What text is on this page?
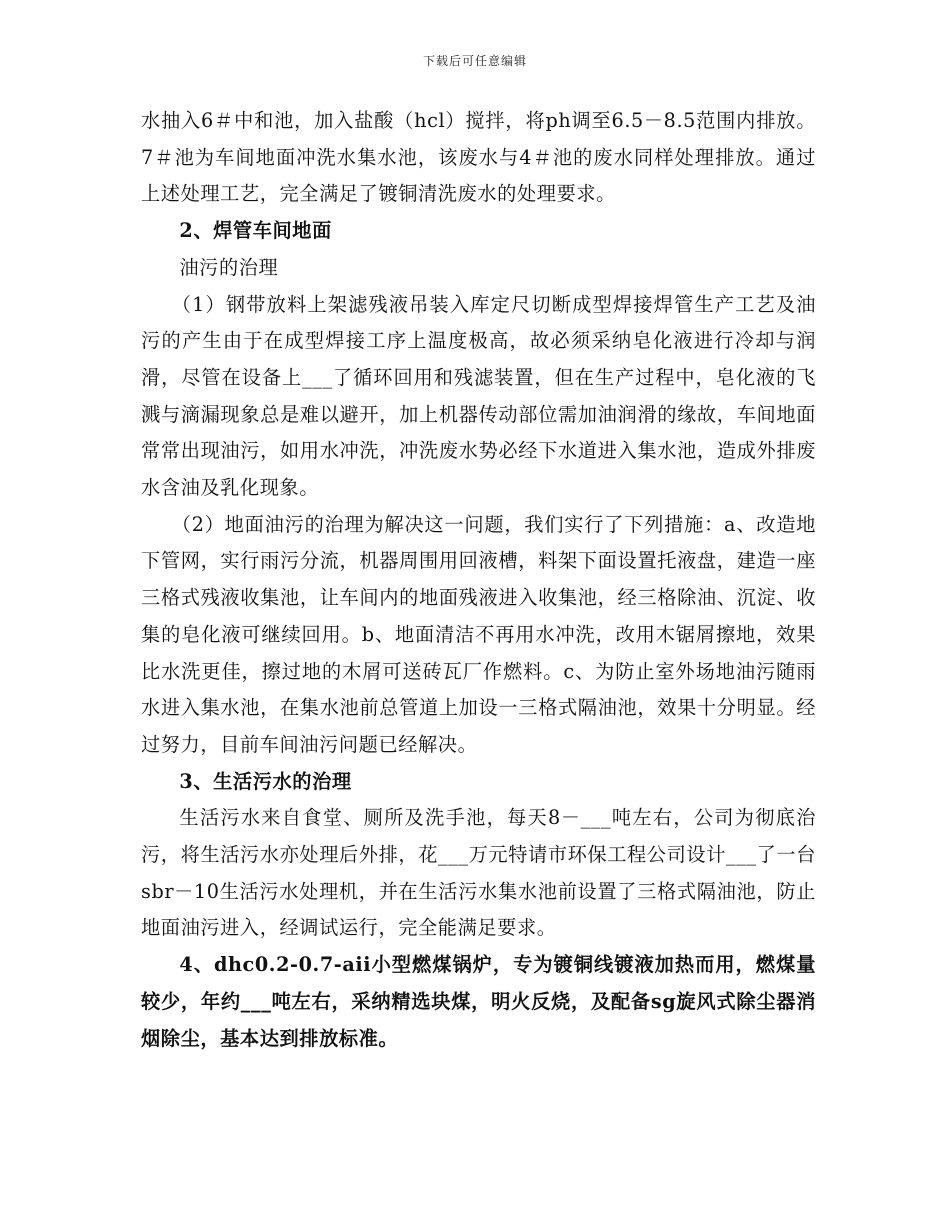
下载后可任意编辑

水抽入6＃中和池，加入盐酸（hcl）搅拌，将ph调至6.5－8.5范围内排放。7＃池为车间地面冲洗水集水池，该废水与4＃池的废水同样处理排放。通过上述处理工艺，完全满足了镀铜清洗废水的处理要求。

2、焊管车间地面

油污的治理

（1）钢带放料上架滤残液吊装入库定尺切断成型焊接焊管生产工艺及油污的产生由于在成型焊接工序上温度极高，故必须采纳皂化液进行冷却与润滑，尽管在设备上___了循环回用和残滤装置，但在生产过程中，皂化液的飞溅与滴漏现象总是难以避开，加上机器传动部位需加油润滑的缘故，车间地面常常出现油污，如用水冲洗，冲洗废水势必经下水道进入集水池，造成外排废水含油及乳化现象。

（2）地面油污的治理为解决这一问题，我们实行了下列措施：a、改造地下管网，实行雨污分流，机器周围用回液槽，料架下面设置托液盘，建造一座三格式残液收集池，让车间内的地面残液进入收集池，经三格除油、沉淀、收集的皂化液可继续回用。b、地面清洁不再用水冲洗，改用木锯屑擦地，效果比水洗更佳，擦过地的木屑可送砖瓦厂作燃料。c、为防止室外场地油污随雨水进入集水池，在集水池前总管道上加设一三格式隔油池，效果十分明显。经过努力，目前车间油污问题已经解决。

3、生活污水的治理

生活污水来自食堂、厕所及洗手池，每天8－___吨左右，公司为彻底治污，将生活污水亦处理后外排，花___万元特请市环保工程公司设计___了一台sbr－10生活污水处理机，并在生活污水集水池前设置了三格式隔油池，防止地面油污进入，经调试运行，完全能满足要求。

4、dhc0.2-0.7-aii小型燃煤锅炉，专为镀铜线镀液加热而用，燃煤量较少，年约___吨左右，采纳精选块煤，明火反烧，及配备sg旋风式除尘器消烟除尘，基本达到排放标准。
